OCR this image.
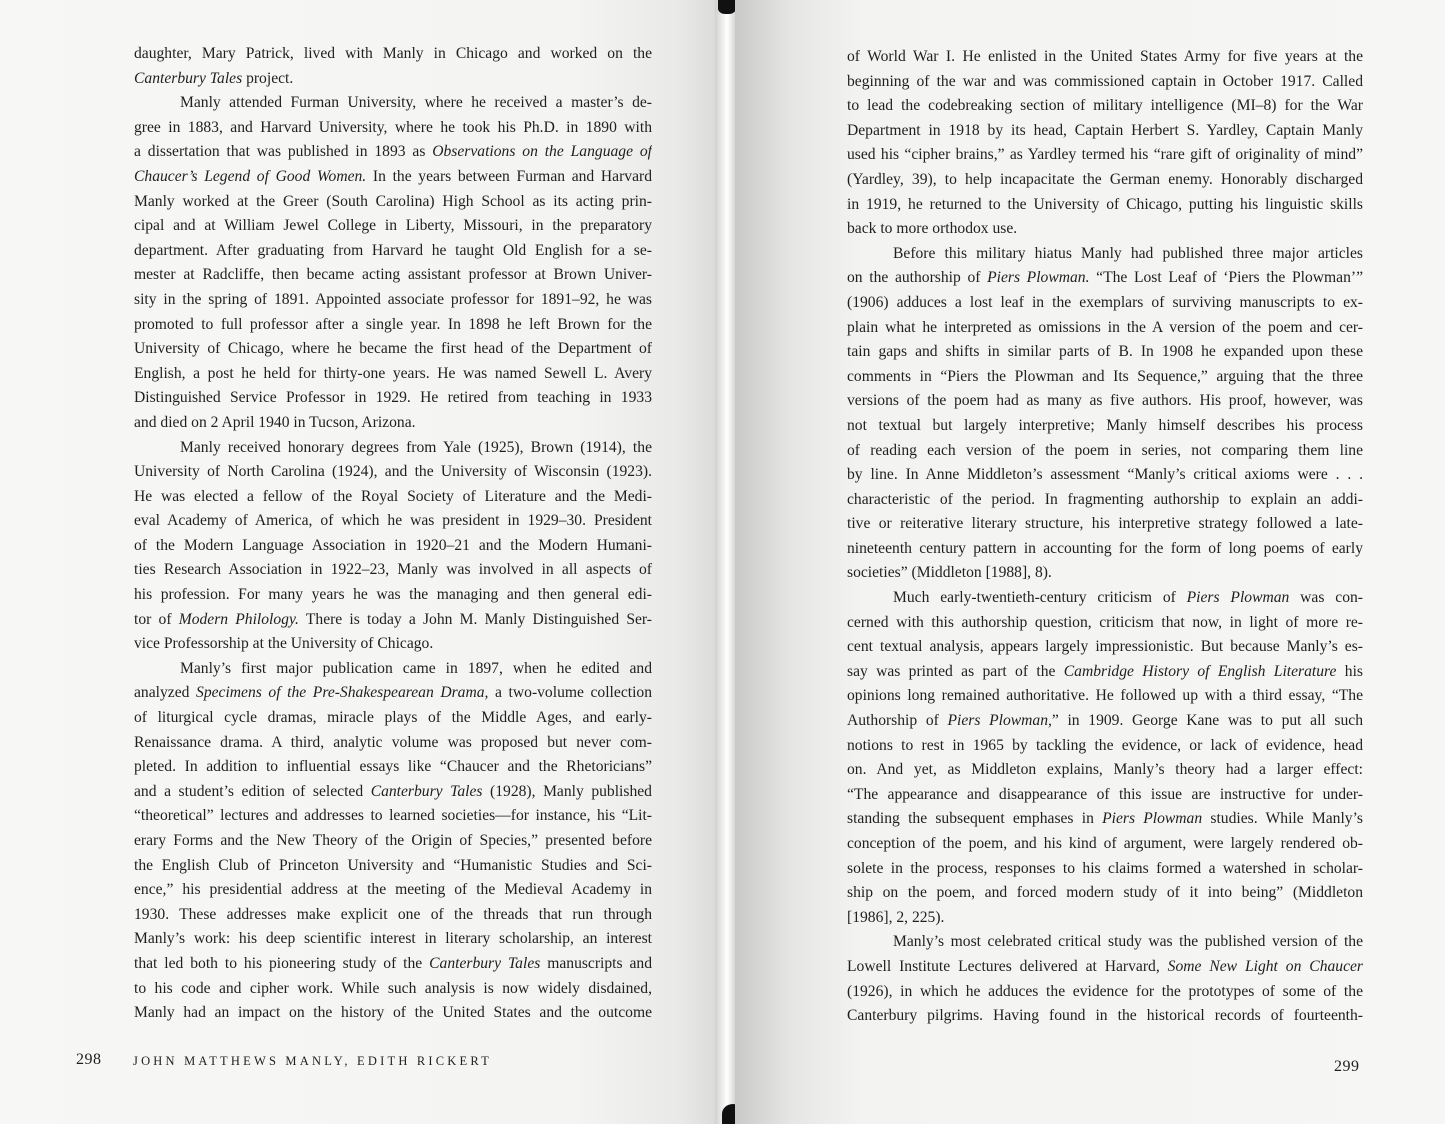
daughter, Mary Patrick, lived with Manly in Chicago and worked on the
Canterbury Tales project.
Manly attended Furman University, where he received a master’s de-
gree in 1883, and Harvard University, where he took his Ph.D. in 1890 with
a dissertation that was published in 1893 as Observations on the Language of
Chaucer’s Legend of Good Women. In the years between Furman and Harvard
Manly worked at the Greer (South Carolina) High School as its acting prin-
cipal and at William Jewel College in Liberty, Missouri, in the preparatory
department. After graduating from Harvard he taught Old English for a se-
mester at Radcliffe, then became acting assistant professor at Brown Univer-
sity in the spring of 1891. Appointed associate professor for 1891–92, he was
promoted to full professor after a single year. In 1898 he left Brown for the
University of Chicago, where he became the first head of the Department of
English, a post he held for thirty-one years. He was named Sewell L. Avery
Distinguished Service Professor in 1929. He retired from teaching in 1933
and died on 2 April 1940 in Tucson, Arizona.
Manly received honorary degrees from Yale (1925), Brown (1914), the
University of North Carolina (1924), and the University of Wisconsin (1923).
He was elected a fellow of the Royal Society of Literature and the Medi-
eval Academy of America, of which he was president in 1929–30. President
of the Modern Language Association in 1920–21 and the Modern Humani-
ties Research Association in 1922–23, Manly was involved in all aspects of
his profession. For many years he was the managing and then general edi-
tor of Modern Philology. There is today a John M. Manly Distinguished Ser-
vice Professorship at the University of Chicago.
Manly’s first major publication came in 1897, when he edited and
analyzed Specimens of the Pre-Shakespearean Drama, a two-volume collection
of liturgical cycle dramas, miracle plays of the Middle Ages, and early-
Renaissance drama. A third, analytic volume was proposed but never com-
pleted. In addition to influential essays like “Chaucer and the Rhetoricians”
and a student’s edition of selected Canterbury Tales (1928), Manly published
“theoretical” lectures and addresses to learned societies—for instance, his “Lit-
erary Forms and the New Theory of the Origin of Species,” presented before
the English Club of Princeton University and “Humanistic Studies and Sci-
ence,” his presidential address at the meeting of the Medieval Academy in
1930. These addresses make explicit one of the threads that run through
Manly’s work: his deep scientific interest in literary scholarship, an interest
that led both to his pioneering study of the Canterbury Tales manuscripts and
to his code and cipher work. While such analysis is now widely disdained,
Manly had an impact on the history of the United States and the outcome
298	JOHN MATTHEWS MANLY, EDITH RICKERT
of World War I. He enlisted in the United States Army for five years at the
beginning of the war and was commissioned captain in October 1917. Called
to lead the codebreaking section of military intelligence (MI–8) for the War
Department in 1918 by its head, Captain Herbert S. Yardley, Captain Manly
used his “cipher brains,” as Yardley termed his “rare gift of originality of mind”
(Yardley, 39), to help incapacitate the German enemy. Honorably discharged
in 1919, he returned to the University of Chicago, putting his linguistic skills
back to more orthodox use.
Before this military hiatus Manly had published three major articles
on the authorship of Piers Plowman. “The Lost Leaf of ‘Piers the Plowman’”
(1906) adduces a lost leaf in the exemplars of surviving manuscripts to ex-
plain what he interpreted as omissions in the A version of the poem and cer-
tain gaps and shifts in similar parts of B. In 1908 he expanded upon these
comments in “Piers the Plowman and Its Sequence,” arguing that the three
versions of the poem had as many as five authors. His proof, however, was
not textual but largely interpretive; Manly himself describes his process
of reading each version of the poem in series, not comparing them line
by line. In Anne Middleton’s assessment “Manly’s critical axioms were . . .
characteristic of the period. In fragmenting authorship to explain an addi-
tive or reiterative literary structure, his interpretive strategy followed a late-
nineteenth century pattern in accounting for the form of long poems of early
societies” (Middleton [1988], 8).
Much early-twentieth-century criticism of Piers Plowman was con-
cerned with this authorship question, criticism that now, in light of more re-
cent textual analysis, appears largely impressionistic. But because Manly’s es-
say was printed as part of the Cambridge History of English Literature his
opinions long remained authoritative. He followed up with a third essay, “The
Authorship of Piers Plowman,” in 1909. George Kane was to put all such
notions to rest in 1965 by tackling the evidence, or lack of evidence, head
on. And yet, as Middleton explains, Manly’s theory had a larger effect:
“The appearance and disappearance of this issue are instructive for under-
standing the subsequent emphases in Piers Plowman studies. While Manly’s
conception of the poem, and his kind of argument, were largely rendered ob-
solete in the process, responses to his claims formed a watershed in scholar-
ship on the poem, and forced modern study of it into being” (Middleton
[1986], 2, 225).
Manly’s most celebrated critical study was the published version of the
Lowell Institute Lectures delivered at Harvard, Some New Light on Chaucer
(1926), in which he adduces the evidence for the prototypes of some of the
Canterbury pilgrims. Having found in the historical records of fourteenth-
299
